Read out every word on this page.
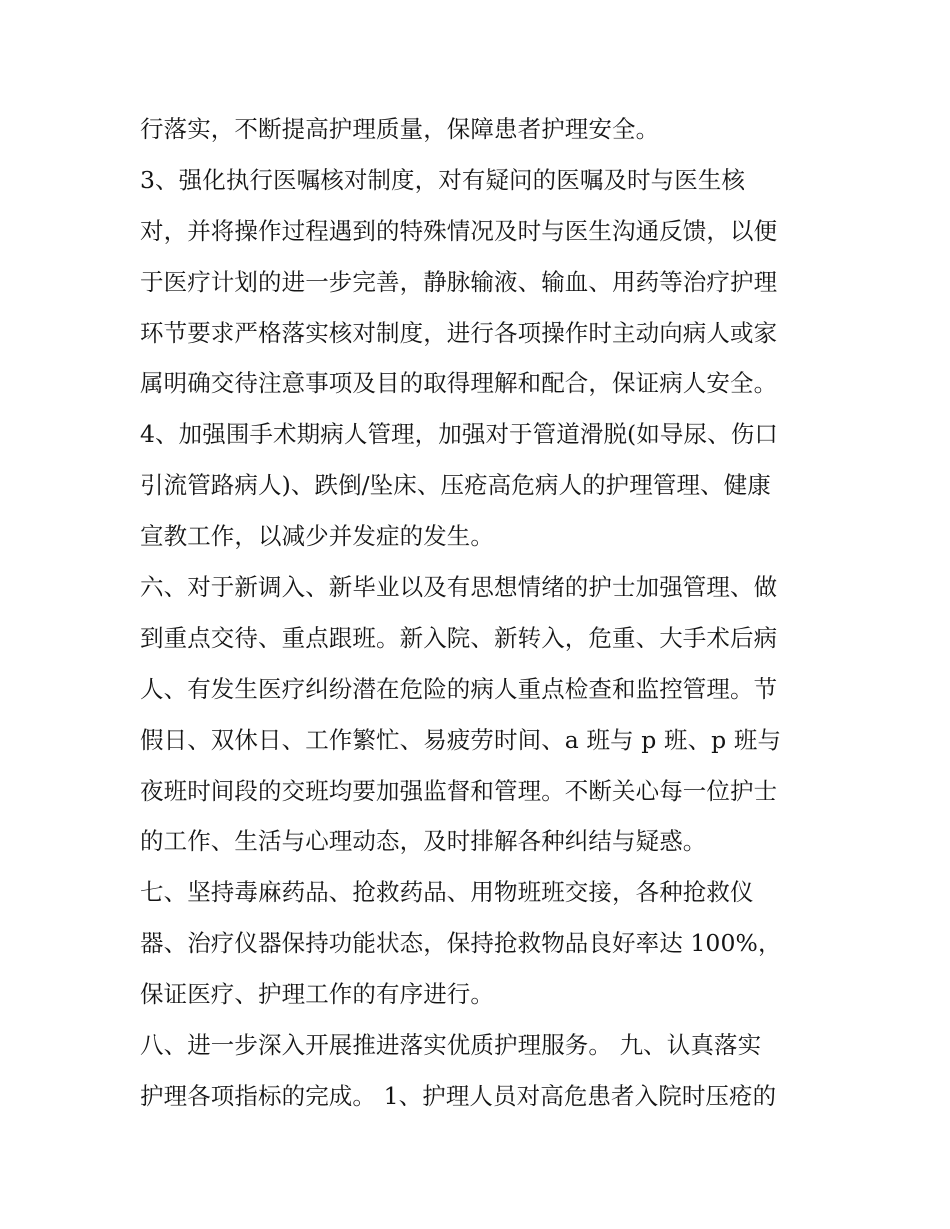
行落实，不断提高护理质量，保障患者护理安全。
3、强化执行医嘱核对制度，对有疑问的医嘱及时与医生核
对，并将操作过程遇到的特殊情况及时与医生沟通反馈，以便
于医疗计划的进一步完善，静脉输液、输血、用药等治疗护理
环节要求严格落实核对制度，进行各项操作时主动向病人或家
属明确交待注意事项及目的取得理解和配合，保证病人安全。
4、加强围手术期病人管理，加强对于管道滑脱(如导尿、伤口
引流管路病人)、跌倒/坠床、压疮高危病人的护理管理、健康
宣教工作，以减少并发症的发生。
六、对于新调入、新毕业以及有思想情绪的护士加强管理、做
到重点交待、重点跟班。新入院、新转入，危重、大手术后病
人、有发生医疗纠纷潜在危险的病人重点检查和监控管理。节
假日、双休日、工作繁忙、易疲劳时间、a 班与 p 班、p 班与
夜班时间段的交班均要加强监督和管理。不断关心每一位护士
的工作、生活与心理动态，及时排解各种纠结与疑惑。
七、坚持毒麻药品、抢救药品、用物班班交接，各种抢救仪
器、治疗仪器保持功能状态，保持抢救物品良好率达 100%，
保证医疗、护理工作的有序进行。
八、进一步深入开展推进落实优质护理服务。 九、认真落实
护理各项指标的完成。 1、护理人员对高危患者入院时压疮的
